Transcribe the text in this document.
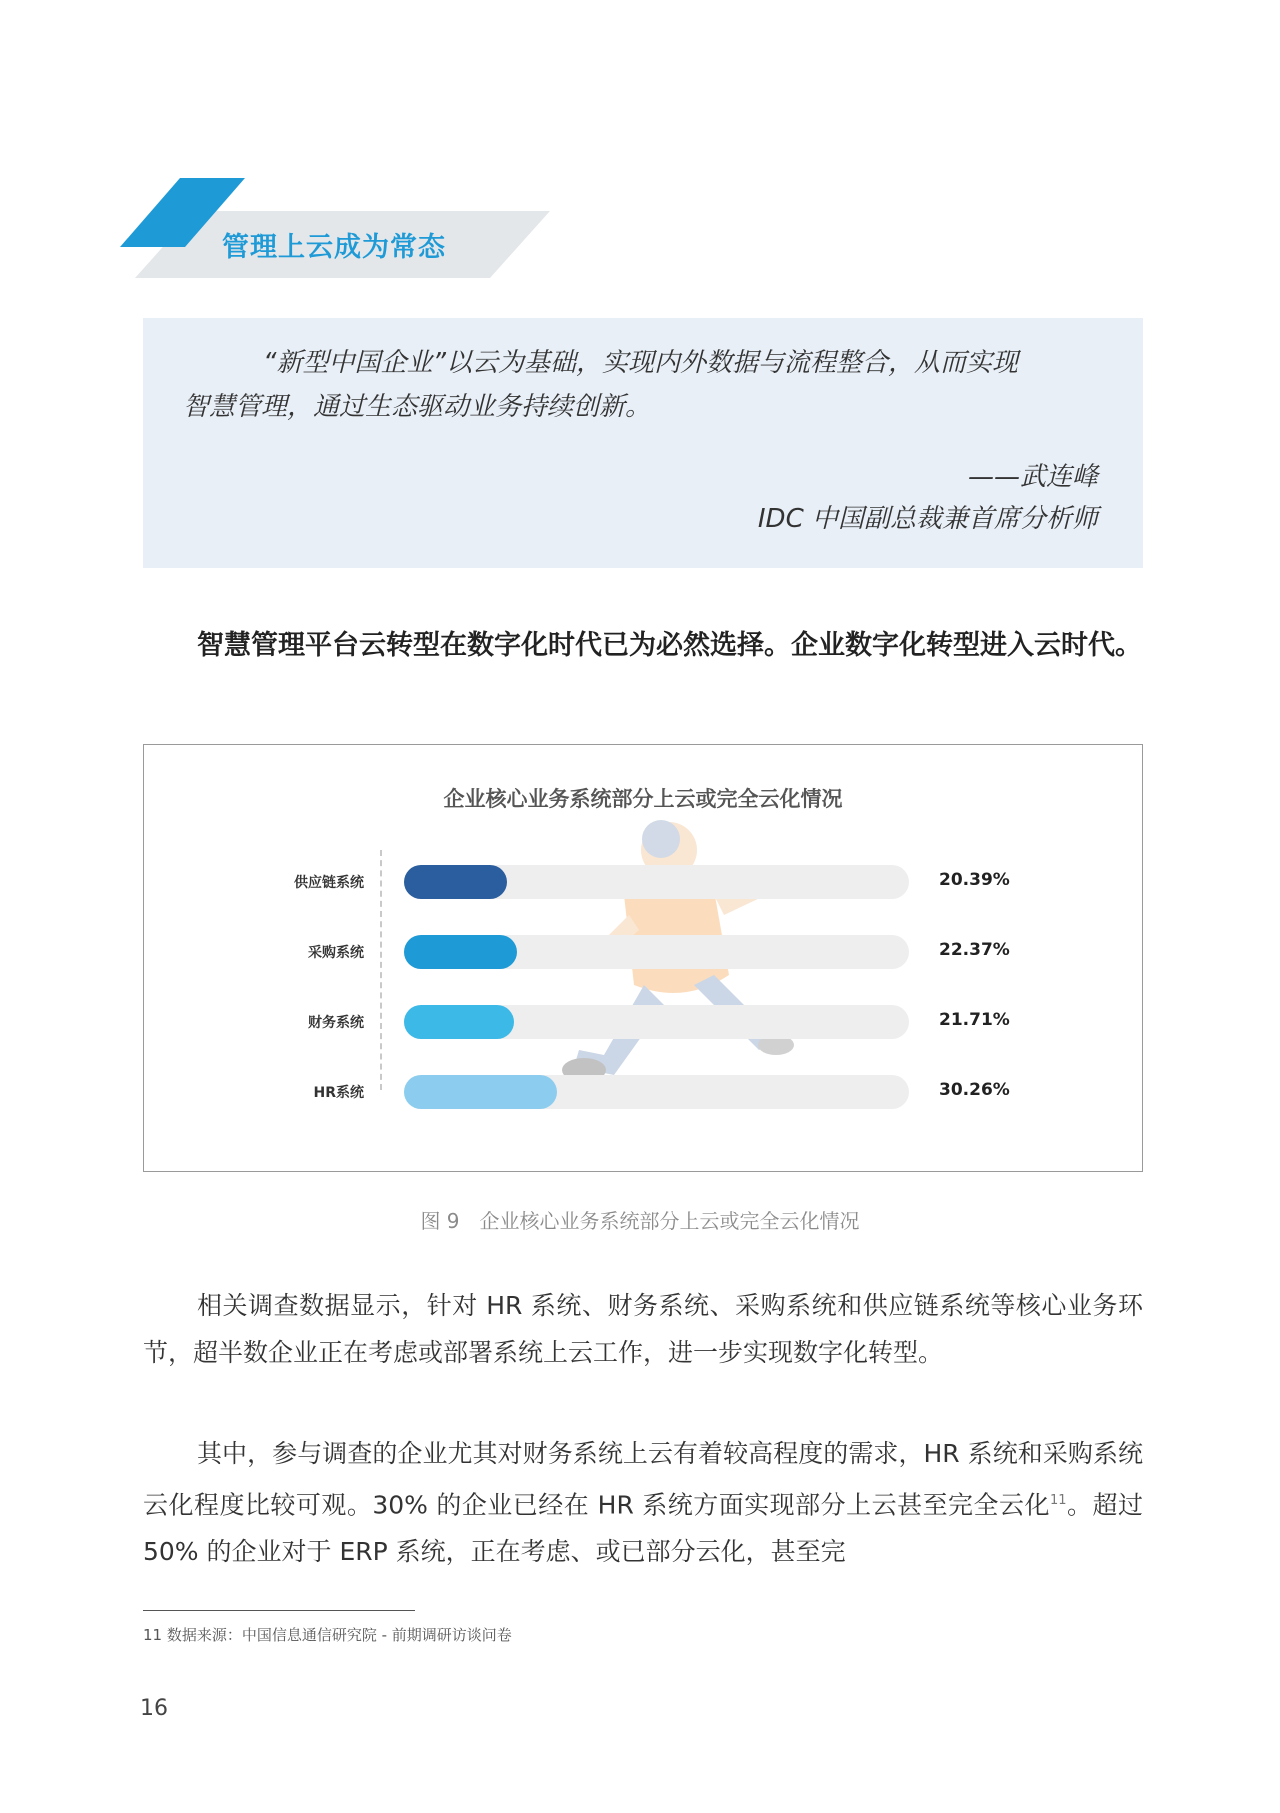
管理上云成为常态
“新型中国企业”以云为基础，实现内外数据与流程整合，从而实现
智慧管理，通过生态驱动业务持续创新。
——武连峰
IDC 中国副总裁兼首席分析师
智慧管理平台云转型在数字化时代已为必然选择。企业数字化转型进入云时代。
企业核心业务系统部分上云或完全云化情况
供应链系统	20.39%
采购系统	22.37%
财务系统	21.71%
HR系统	30.26%
图 9　企业核心业务系统部分上云或完全云化情况
相关调查数据显示，针对 HR 系统、财务系统、采购系统和供应链系统等核心业务环节，超半数企业正在考虑或部署系统上云工作，进一步实现数字化转型。
其中，参与调查的企业尤其对财务系统上云有着较高程度的需求，HR 系统和采购系统云化程度比较可观。30% 的企业已经在 HR 系统方面实现部分上云甚至完全云化$^{11}$。超过 50% 的企业对于 ERP 系统，正在考虑、或已部分云化，甚至完
11 数据来源：中国信息通信研究院 - 前期调研访谈问卷
16
